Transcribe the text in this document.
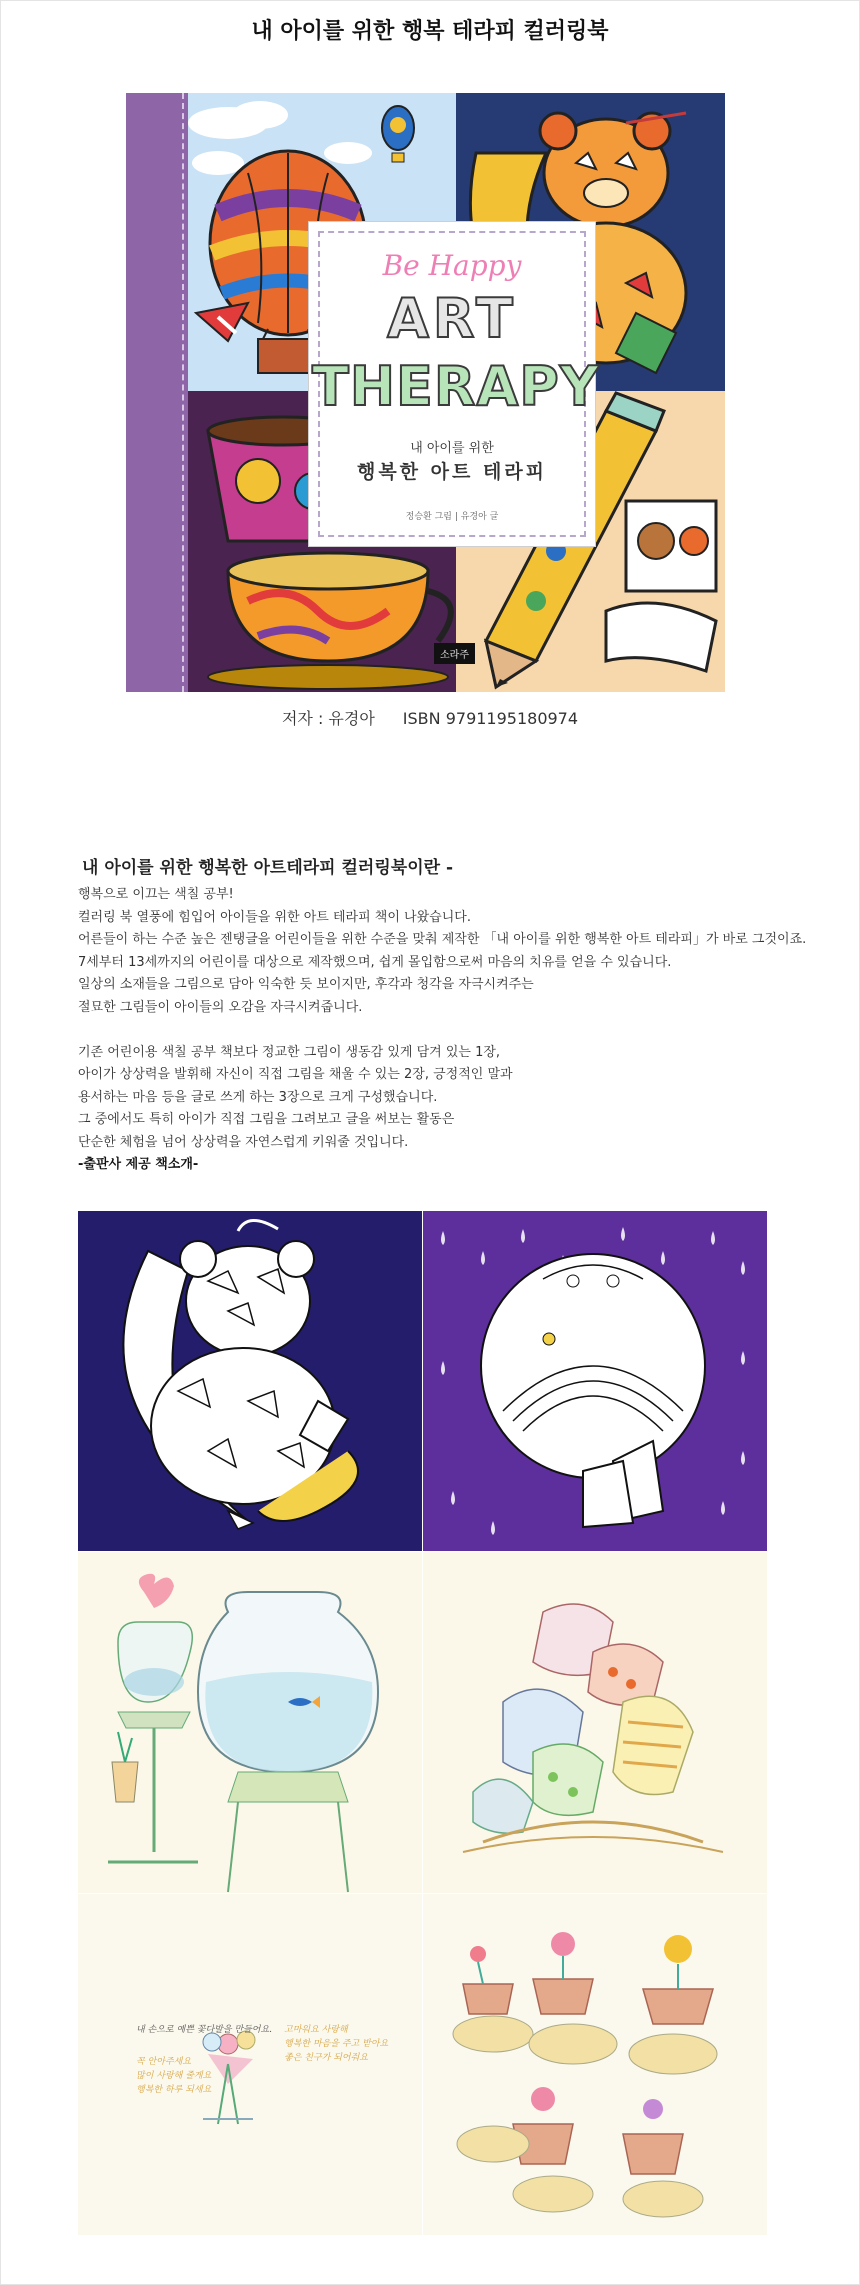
내 아이를 위한 행복 테라피 컬러링북
Be Happy
ART
THERAPY
내 아이를 위한
행복한 아트 테라피
정승환 그림 | 유경아 글
소라주
저자 : 유경아 ISBN 9791195180974
내 아이를 위한 행복한 아트테라피 컬러링북이란 -

행복으로 이끄는 색칠 공부!

컬러링 북 열풍에 힘입어 아이들을 위한 아트 테라피 책이 나왔습니다.

어른들이 하는 수준 높은 젠탱글을 어린이들을 위한 수준을 맞춰 제작한 「내 아이를 위한 행복한 아트 테라피」가 바로 그것이죠.

7세부터 13세까지의 어린이를 대상으로 제작했으며, 쉽게 몰입함으로써 마음의 치유를 얻을 수 있습니다.

일상의 소재들을 그림으로 담아 익숙한 듯 보이지만, 후각과 청각을 자극시켜주는

절묘한 그림들이 아이들의 오감을 자극시켜줍니다.

기존 어린이용 색칠 공부 책보다 정교한 그림이 생동감 있게 담겨 있는 1장,

아이가 상상력을 발휘해 자신이 직접 그림을 채울 수 있는 2장, 긍정적인 말과

용서하는 마음 등을 글로 쓰게 하는 3장으로 크게 구성했습니다.

그 중에서도 특히 아이가 직접 그림을 그려보고 글을 써보는 활동은

단순한 체험을 넘어 상상력을 자연스럽게 키워줄 것입니다.

-출판사 제공 책소개-

내 손으로 예쁜 꽃다발을 만들어요.
꼭 안아주세요
많이 사랑해 줄게요
행복한 하루 되세요
고마워요 사랑해
행복한 마음을 주고 받아요
좋은 친구가 되어줘요
